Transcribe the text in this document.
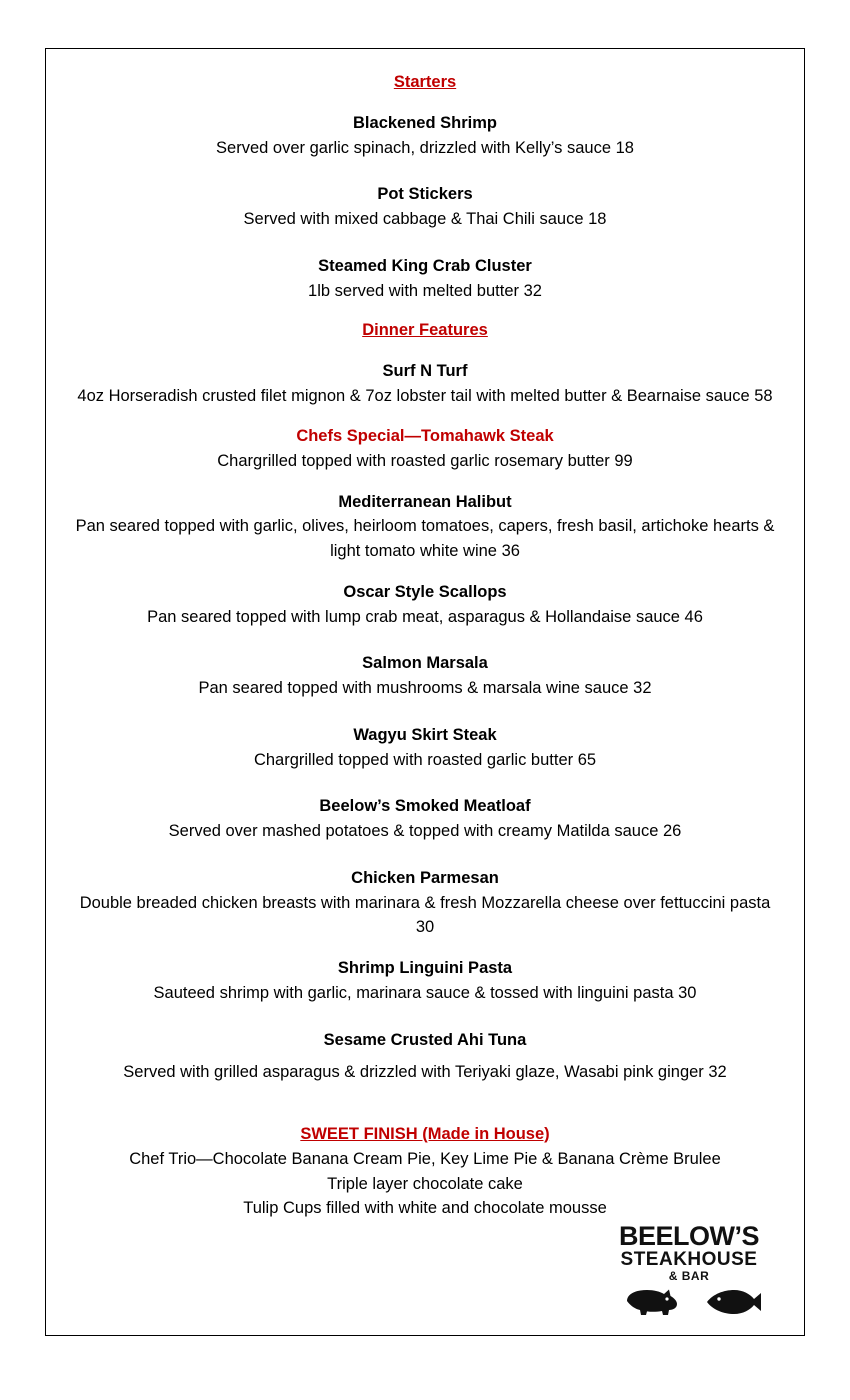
Starters
Blackened Shrimp
Served over garlic spinach, drizzled with Kelly’s sauce 18
Pot Stickers
Served with mixed cabbage & Thai Chili sauce 18
Steamed King Crab Cluster
1lb served with melted butter 32
Dinner Features
Surf N Turf
4oz Horseradish crusted filet mignon & 7oz lobster tail with melted butter & Bearnaise sauce 58
Chefs Special—Tomahawk Steak
Chargrilled topped with roasted garlic rosemary butter 99
Mediterranean Halibut
Pan seared topped with garlic, olives, heirloom tomatoes, capers, fresh basil, artichoke hearts & light tomato white wine 36
Oscar Style Scallops
Pan seared topped with lump crab meat, asparagus & Hollandaise sauce 46
Salmon Marsala
Pan seared topped with mushrooms & marsala wine sauce 32
Wagyu Skirt Steak
Chargrilled topped with roasted garlic butter 65
Beelow’s Smoked Meatloaf
Served over mashed potatoes & topped with creamy Matilda sauce 26
Chicken Parmesan
Double breaded chicken breasts with marinara & fresh Mozzarella cheese over fettuccini pasta 30
Shrimp Linguini Pasta
Sauteed shrimp with garlic, marinara sauce & tossed with linguini pasta 30
Sesame Crusted Ahi Tuna
Served with grilled asparagus & drizzled with Teriyaki glaze, Wasabi pink ginger 32
SWEET FINISH (Made in House)
Chef Trio—Chocolate Banana Cream Pie, Key Lime Pie & Banana Crème Brulee
Triple layer chocolate cake
Tulip Cups filled with white and chocolate mousse
BEELOW’S
STEAKHOUSE
& BAR
